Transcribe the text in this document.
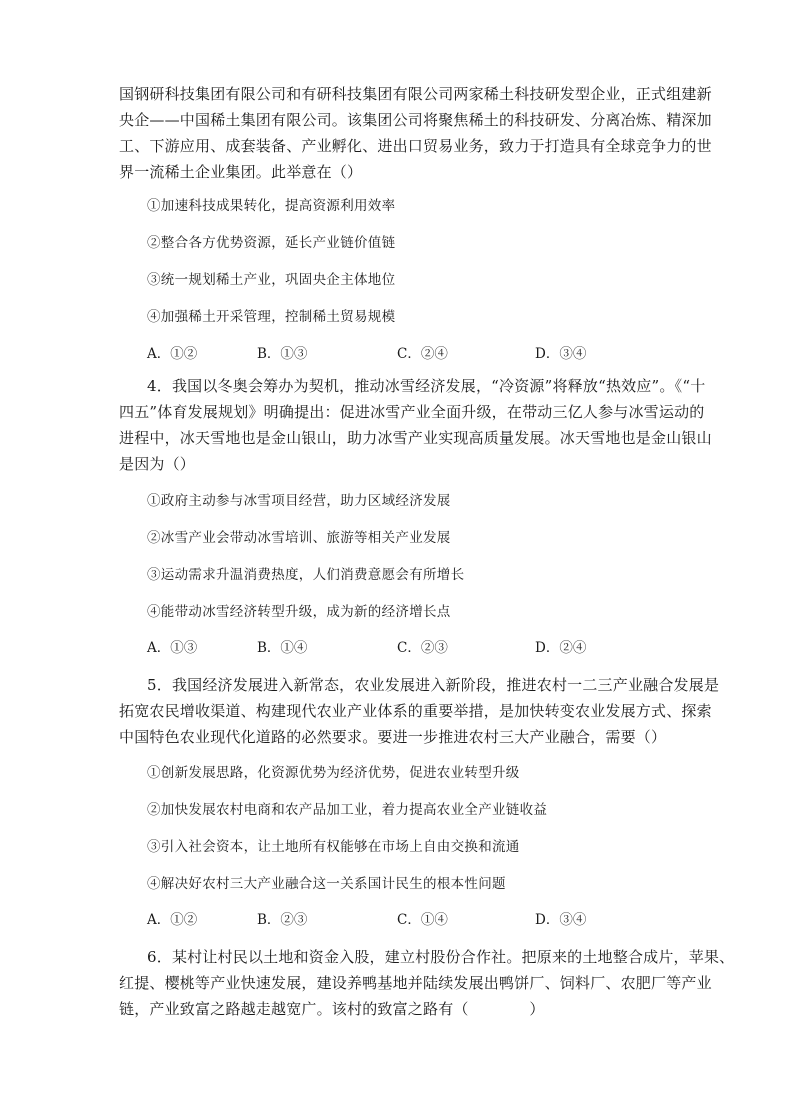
国钢研科技集团有限公司和有研科技集团有限公司两家稀土科技研发型企业，正式组建新
央企——中国稀土集团有限公司。该集团公司将聚焦稀土的科技研发、分离冶炼、精深加
工、下游应用、成套装备、产业孵化、进出口贸易业务，致力于打造具有全球竞争力的世
界一流稀土企业集团。此举意在（）
①加速科技成果转化，提高资源利用效率
②整合各方优势资源，延长产业链价值链
③统一规划稀土产业，巩固央企主体地位
④加强稀土开采管理，控制稀土贸易规模
A．①②	B．①③	C．②④	D．③④
4．我国以冬奥会筹办为契机，推动冰雪经济发展，“冷资源”将释放“热效应”。《“十
四五”体育发展规划》明确提出：促进冰雪产业全面升级，在带动三亿人参与冰雪运动的
进程中，冰天雪地也是金山银山，助力冰雪产业实现高质量发展。冰天雪地也是金山银山
是因为（）
①政府主动参与冰雪项目经营，助力区域经济发展
②冰雪产业会带动冰雪培训、旅游等相关产业发展
③运动需求升温消费热度，人们消费意愿会有所增长
④能带动冰雪经济转型升级，成为新的经济增长点
A．①③	B．①④	C．②③	D．②④
5．我国经济发展进入新常态，农业发展进入新阶段，推进农村一二三产业融合发展是
拓宽农民增收渠道、构建现代农业产业体系的重要举措，是加快转变农业发展方式、探索
中国特色农业现代化道路的必然要求。要进一步推进农村三大产业融合，需要（）
①创新发展思路，化资源优势为经济优势，促进农业转型升级
②加快发展农村电商和农产品加工业，着力提高农业全产业链收益
③引入社会资本，让土地所有权能够在市场上自由交换和流通
④解决好农村三大产业融合这一关系国计民生的根本性问题
A．①②	B．②③	C．①④	D．③④
6．某村让村民以土地和资金入股，建立村股份合作社。把原来的土地整合成片，苹果、
红提、樱桃等产业快速发展，建设养鸭基地并陆续发展出鸭饼厂、饲料厂、农肥厂等产业
链，产业致富之路越走越宽广。该村的致富之路有（　　　　）
